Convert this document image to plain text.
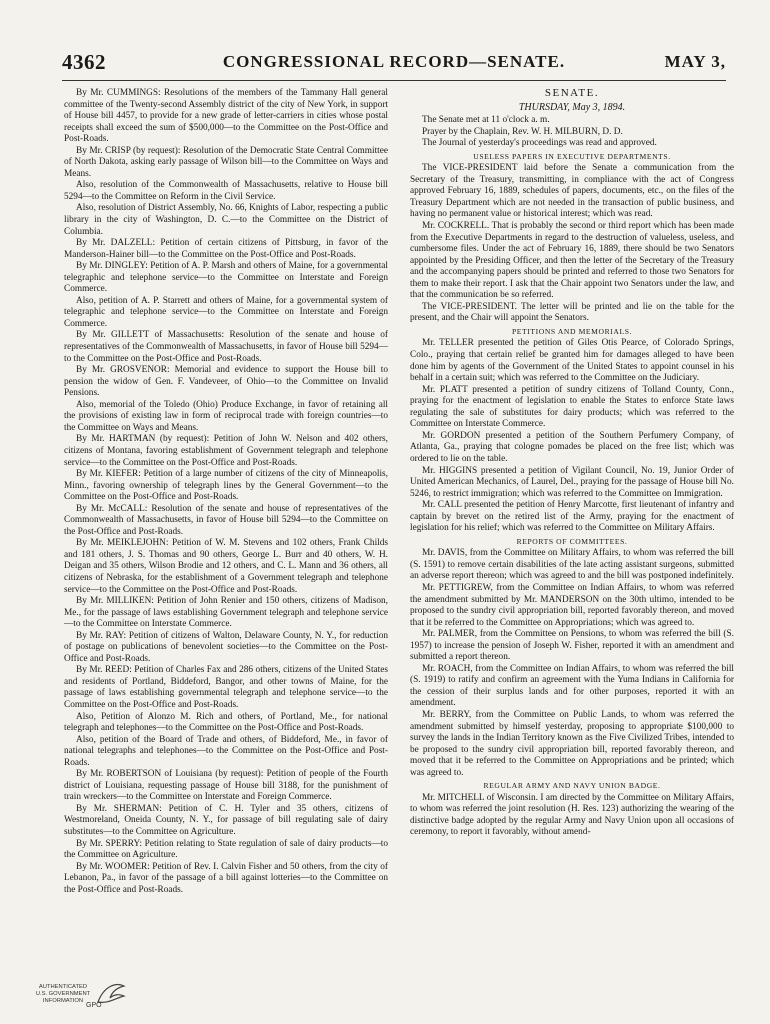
4362	CONGRESSIONAL RECORD—SENATE.	MAY 3,

By Mr. CUMMINGS: Resolutions of the members of the Tammany Hall general committee of the Twenty-second Assembly district of the city of New York, in support of House bill 4457, to provide for a new grade of letter-carriers in cities whose postal receipts shall exceed the sum of $500,000—to the Committee on the Post-Office and Post-Roads.

By Mr. CRISP (by request): Resolution of the Democratic State Central Committee of North Dakota, asking early passage of Wilson bill—to the Committee on Ways and Means.

Also, resolution of the Commonwealth of Massachusetts, relative to House bill 5294—to the Committee on Reform in the Civil Service.

Also, resolution of District Assembly, No. 66, Knights of Labor, respecting a public library in the city of Washington, D. C.—to the Committee on the District of Columbia.

By Mr. DALZELL: Petition of certain citizens of Pittsburg, in favor of the Manderson-Hainer bill—to the Committee on the Post-Office and Post-Roads.

By Mr. DINGLEY: Petition of A. P. Marsh and others of Maine, for a governmental telegraphic and telephone service—to the Committee on Interstate and Foreign Commerce.

Also, petition of A. P. Starrett and others of Maine, for a governmental system of telegraphic and telephone service—to the Committee on Interstate and Foreign Commerce.

By Mr. GILLETT of Massachusetts: Resolution of the senate and house of representatives of the Commonwealth of Massachusetts, in favor of House bill 5294—to the Committee on the Post-Office and Post-Roads.

By Mr. GROSVENOR: Memorial and evidence to support the House bill to pension the widow of Gen. F. Vandeveer, of Ohio—to the Committee on Invalid Pensions.

Also, memorial of the Toledo (Ohio) Produce Exchange, in favor of retaining all the provisions of existing law in form of reciprocal trade with foreign countries—to the Committee on Ways and Means.

By Mr. HARTMAN (by request): Petition of John W. Nelson and 402 others, citizens of Montana, favoring establishment of Government telegraph and telephone service—to the Committee on the Post-Office and Post-Roads.

By Mr. KIEFER: Petition of a large number of citizens of the city of Minneapolis, Minn., favoring ownership of telegraph lines by the General Government—to the Committee on the Post-Office and Post-Roads.

By Mr. McCALL: Resolution of the senate and house of representatives of the Commonwealth of Massachusetts, in favor of House bill 5294—to the Committee on the Post-Office and Post-Roads.

By Mr. MEIKLEJOHN: Petition of W. M. Stevens and 102 others, Frank Childs and 181 others, J. S. Thomas and 90 others, George L. Burr and 40 others, W. H. Deigan and 35 others, Wilson Brodie and 12 others, and C. L. Mann and 36 others, all citizens of Nebraska, for the establishment of a Government telegraph and telephone service—to the Committee on the Post-Office and Post-Roads.

By Mr. MILLIKEN: Petition of John Renier and 150 others, citizens of Madison, Me., for the passage of laws establishing Government telegraph and telephone service—to the Committee on Interstate Commerce.

By Mr. RAY: Petition of citizens of Walton, Delaware County, N. Y., for reduction of postage on publications of benevolent societies—to the Committee on the Post-Office and Post-Roads.

By Mr. REED: Petition of Charles Fax and 286 others, citizens of the United States and residents of Portland, Biddeford, Bangor, and other towns of Maine, for the passage of laws establishing governmental telegraph and telephone service—to the Committee on the Post-Office and Post-Roads.

Also, Petition of Alonzo M. Rich and others, of Portland, Me., for national telegraph and telephones—to the Committee on the Post-Office and Post-Roads.

Also, petition of the Board of Trade and others, of Biddeford, Me., in favor of national telegraphs and telephones—to the Committee on the Post-Office and Post-Roads.

By Mr. ROBERTSON of Louisiana (by request): Petition of people of the Fourth district of Louisiana, requesting passage of House bill 3188, for the punishment of train wreckers—to the Committee on Interstate and Foreign Commerce.

By Mr. SHERMAN: Petition of C. H. Tyler and 35 others, citizens of Westmoreland, Oneida County, N. Y., for passage of bill regulating sale of dairy substitutes—to the Committee on Agriculture.

By Mr. SPERRY: Petition relating to State regulation of sale of dairy products—to the Committee on Agriculture.

By Mr. WOOMER: Petition of Rev. I. Calvin Fisher and 50 others, from the city of Lebanon, Pa., in favor of the passage of a bill against lotteries—to the Committee on the Post-Office and Post-Roads.

SENATE.

THURSDAY, May 3, 1894.

The Senate met at 11 o'clock a. m.

Prayer by the Chaplain, Rev. W. H. MILBURN, D. D.

The Journal of yesterday's proceedings was read and approved.

USELESS PAPERS IN EXECUTIVE DEPARTMENTS.

The VICE-PRESIDENT laid before the Senate a communication from the Secretary of the Treasury, transmitting, in compliance with the act of Congress approved February 16, 1889, schedules of papers, documents, etc., on the files of the Treasury Department which are not needed in the transaction of public business, and having no permanent value or historical interest; which was read.

Mr. COCKRELL. That is probably the second or third report which has been made from the Executive Departments in regard to the destruction of valueless, useless, and cumbersome files. Under the act of February 16, 1889, there should be two Senators appointed by the Presiding Officer, and then the letter of the Secretary of the Treasury and the accompanying papers should be printed and referred to those two Senators for them to make their report. I ask that the Chair appoint two Senators under the law, and that the communication be so referred.

The VICE-PRESIDENT. The letter will be printed and lie on the table for the present, and the Chair will appoint the Senators.

PETITIONS AND MEMORIALS.

Mr. TELLER presented the petition of Giles Otis Pearce, of Colorado Springs, Colo., praying that certain relief be granted him for damages alleged to have been done him by agents of the Government of the United States to appoint counsel in his behalf in a certain suit; which was referred to the Committee on the Judiciary.

Mr. PLATT presented a petition of sundry citizens of Tolland County, Conn., praying for the enactment of legislation to enable the States to enforce State laws regulating the sale of substitutes for dairy products; which was referred to the Committee on Interstate Commerce.

Mr. GORDON presented a petition of the Southern Perfumery Company, of Atlanta, Ga., praying that cologne pomades be placed on the free list; which was ordered to lie on the table.

Mr. HIGGINS presented a petition of Vigilant Council, No. 19, Junior Order of United American Mechanics, of Laurel, Del., praying for the passage of House bill No. 5246, to restrict immigration; which was referred to the Committee on Immigration.

Mr. CALL presented the petition of Henry Marcotte, first lieutenant of infantry and captain by brevet on the retired list of the Army, praying for the enactment of legislation for his relief; which was referred to the Committee on Military Affairs.

REPORTS OF COMMITTEES.

Mr. DAVIS, from the Committee on Military Affairs, to whom was referred the bill (S. 1591) to remove certain disabilities of the late acting assistant surgeons, submitted an adverse report thereon; which was agreed to and the bill was postponed indefinitely.

Mr. PETTIGREW, from the Committee on Indian Affairs, to whom was referred the amendment submitted by Mr. MANDERSON on the 30th ultimo, intended to be proposed to the sundry civil appropriation bill, reported favorably thereon, and moved that it be referred to the Committee on Appropriations; which was agreed to.

Mr. PALMER, from the Committee on Pensions, to whom was referred the bill (S. 1957) to increase the pension of Joseph W. Fisher, reported it with an amendment and submitted a report thereon.

Mr. ROACH, from the Committee on Indian Affairs, to whom was referred the bill (S. 1919) to ratify and confirm an agreement with the Yuma Indians in California for the cession of their surplus lands and for other purposes, reported it with an amendment.

Mr. BERRY, from the Committee on Public Lands, to whom was referred the amendment submitted by himself yesterday, proposing to appropriate $100,000 to survey the lands in the Indian Territory known as the Five Civilized Tribes, intended to be proposed to the sundry civil appropriation bill, reported favorably thereon, and moved that it be referred to the Committee on Appropriations and be printed; which was agreed to.

REGULAR ARMY AND NAVY UNION BADGE.

Mr. MITCHELL of Wisconsin. I am directed by the Committee on Military Affairs, to whom was referred the joint resolution (H. Res. 123) authorizing the wearing of the distinctive badge adopted by the regular Army and Navy Union upon all occasions of ceremony, to report it favorably, without amend-

AUTHENTICATED
U.S. GOVERNMENT
INFORMATION
GPO
